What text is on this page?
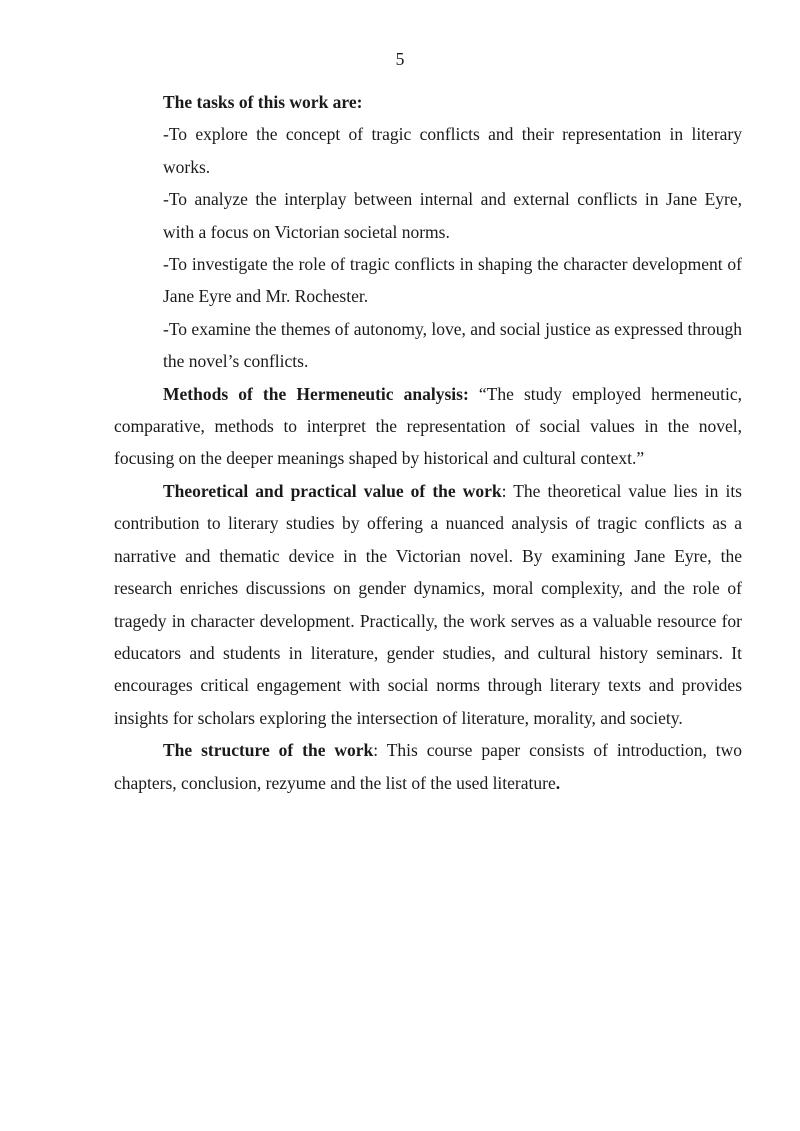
5

The tasks of this work are:

-To explore the concept of tragic conflicts and their representation in literary works.

-To analyze the interplay between internal and external conflicts in Jane Eyre, with a focus on Victorian societal norms.

-To investigate the role of tragic conflicts in shaping the character development of Jane Eyre and Mr. Rochester.

-To examine the themes of autonomy, love, and social justice as expressed through the novel’s conflicts.

Methods of the Hermeneutic analysis: “The study employed hermeneutic, comparative, methods to interpret the representation of social values in the novel, focusing on the deeper meanings shaped by historical and cultural context.”

Theoretical and practical value of the work: The theoretical value lies in its contribution to literary studies by offering a nuanced analysis of tragic conflicts as a narrative and thematic device in the Victorian novel. By examining Jane Eyre, the research enriches discussions on gender dynamics, moral complexity, and the role of tragedy in character development. Practically, the work serves as a valuable resource for educators and students in literature, gender studies, and cultural history seminars. It encourages critical engagement with social norms through literary texts and provides insights for scholars exploring the intersection of literature, morality, and society.

The structure of the work: This course paper consists of introduction, two chapters, conclusion, rezyume and the list of the used literature.
